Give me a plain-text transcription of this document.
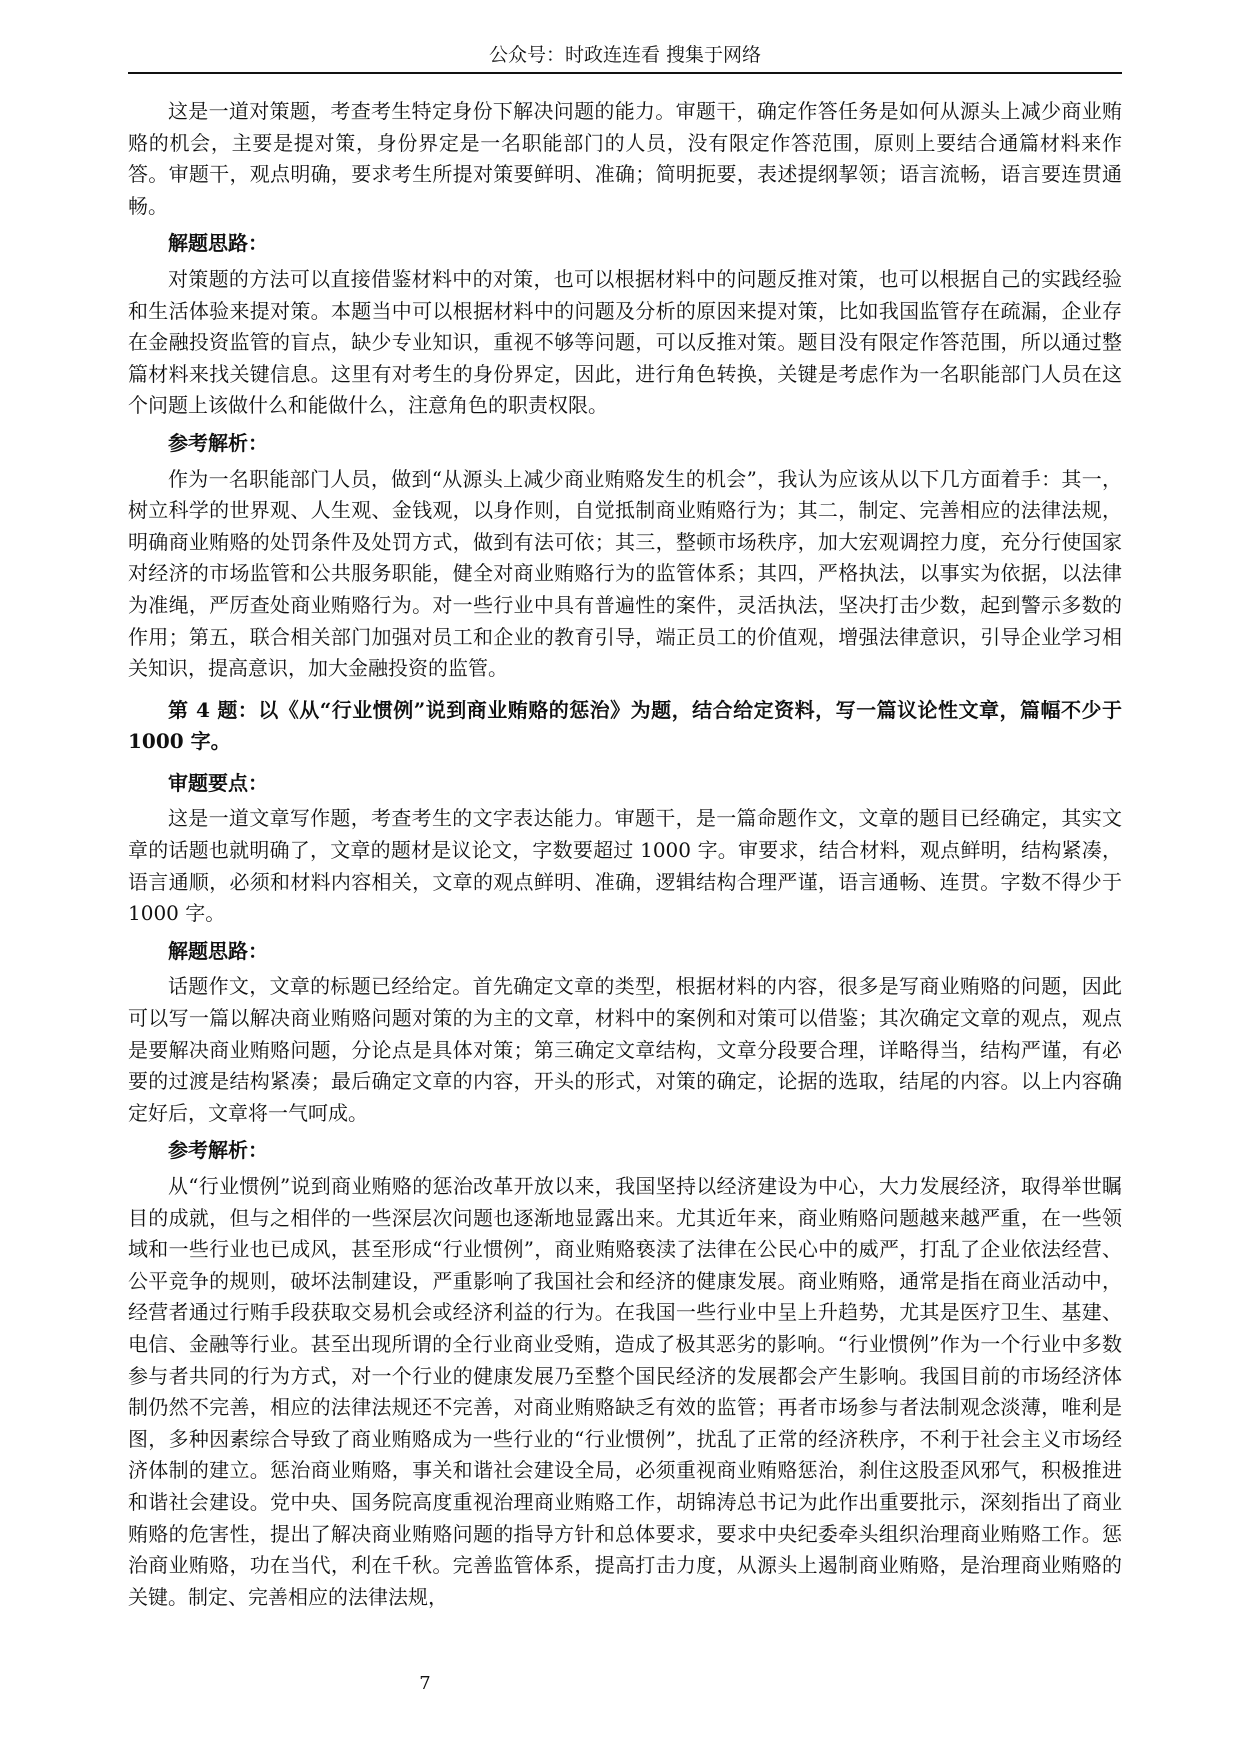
公众号：时政连连看 搜集于网络

这是一道对策题，考查考生特定身份下解决问题的能力。审题干，确定作答任务是如何从源头上减少商业贿赂的机会，主要是提对策，身份界定是一名职能部门的人员，没有限定作答范围，原则上要结合通篇材料来作答。审题干，观点明确，要求考生所提对策要鲜明、准确；简明扼要，表述提纲挈领；语言流畅，语言要连贯通畅。

解题思路：

对策题的方法可以直接借鉴材料中的对策，也可以根据材料中的问题反推对策，也可以根据自己的实践经验和生活体验来提对策。本题当中可以根据材料中的问题及分析的原因来提对策，比如我国监管存在疏漏，企业存在金融投资监管的盲点，缺少专业知识，重视不够等问题，可以反推对策。题目没有限定作答范围，所以通过整篇材料来找关键信息。这里有对考生的身份界定，因此，进行角色转换，关键是考虑作为一名职能部门人员在这个问题上该做什么和能做什么，注意角色的职责权限。

参考解析：

作为一名职能部门人员，做到“从源头上减少商业贿赂发生的机会”，我认为应该从以下几方面着手：其一，树立科学的世界观、人生观、金钱观，以身作则，自觉抵制商业贿赂行为；其二，制定、完善相应的法律法规，明确商业贿赂的处罚条件及处罚方式，做到有法可依；其三，整顿市场秩序，加大宏观调控力度，充分行使国家对经济的市场监管和公共服务职能，健全对商业贿赂行为的监管体系；其四，严格执法，以事实为依据，以法律为准绳，严厉查处商业贿赂行为。对一些行业中具有普遍性的案件，灵活执法，坚决打击少数，起到警示多数的作用；第五，联合相关部门加强对员工和企业的教育引导，端正员工的价值观，增强法律意识，引导企业学习相关知识，提高意识，加大金融投资的监管。

第 4 题：以《从“行业惯例”说到商业贿赂的惩治》为题，结合给定资料，写一篇议论性文章，篇幅不少于 1000 字。

审题要点：

这是一道文章写作题，考查考生的文字表达能力。审题干，是一篇命题作文，文章的题目已经确定，其实文章的话题也就明确了，文章的题材是议论文，字数要超过 1000 字。审要求，结合材料，观点鲜明，结构紧凑，语言通顺，必须和材料内容相关，文章的观点鲜明、准确，逻辑结构合理严谨，语言通畅、连贯。字数不得少于 1000 字。

解题思路：

话题作文，文章的标题已经给定。首先确定文章的类型，根据材料的内容，很多是写商业贿赂的问题，因此可以写一篇以解决商业贿赂问题对策的为主的文章，材料中的案例和对策可以借鉴；其次确定文章的观点，观点是要解决商业贿赂问题，分论点是具体对策；第三确定文章结构，文章分段要合理，详略得当，结构严谨，有必要的过渡是结构紧凑；最后确定文章的内容，开头的形式，对策的确定，论据的选取，结尾的内容。以上内容确定好后，文章将一气呵成。

参考解析：

从“行业惯例”说到商业贿赂的惩治改革开放以来，我国坚持以经济建设为中心，大力发展经济，取得举世瞩目的成就，但与之相伴的一些深层次问题也逐渐地显露出来。尤其近年来，商业贿赂问题越来越严重，在一些领域和一些行业也已成风，甚至形成“行业惯例”，商业贿赂亵渎了法律在公民心中的威严，打乱了企业依法经营、公平竞争的规则，破坏法制建设，严重影响了我国社会和经济的健康发展。商业贿赂，通常是指在商业活动中，经营者通过行贿手段获取交易机会或经济利益的行为。在我国一些行业中呈上升趋势，尤其是医疗卫生、基建、电信、金融等行业。甚至出现所谓的全行业商业受贿，造成了极其恶劣的影响。“行业惯例”作为一个行业中多数参与者共同的行为方式，对一个行业的健康发展乃至整个国民经济的发展都会产生影响。我国目前的市场经济体制仍然不完善，相应的法律法规还不完善，对商业贿赂缺乏有效的监管；再者市场参与者法制观念淡薄，唯利是图，多种因素综合导致了商业贿赂成为一些行业的“行业惯例”，扰乱了正常的经济秩序，不利于社会主义市场经济体制的建立。惩治商业贿赂，事关和谐社会建设全局，必须重视商业贿赂惩治，刹住这股歪风邪气，积极推进和谐社会建设。党中央、国务院高度重视治理商业贿赂工作，胡锦涛总书记为此作出重要批示，深刻指出了商业贿赂的危害性，提出了解决商业贿赂问题的指导方针和总体要求，要求中央纪委牵头组织治理商业贿赂工作。惩治商业贿赂，功在当代，利在千秋。完善监管体系，提高打击力度，从源头上遏制商业贿赂，是治理商业贿赂的关键。制定、完善相应的法律法规，

7
